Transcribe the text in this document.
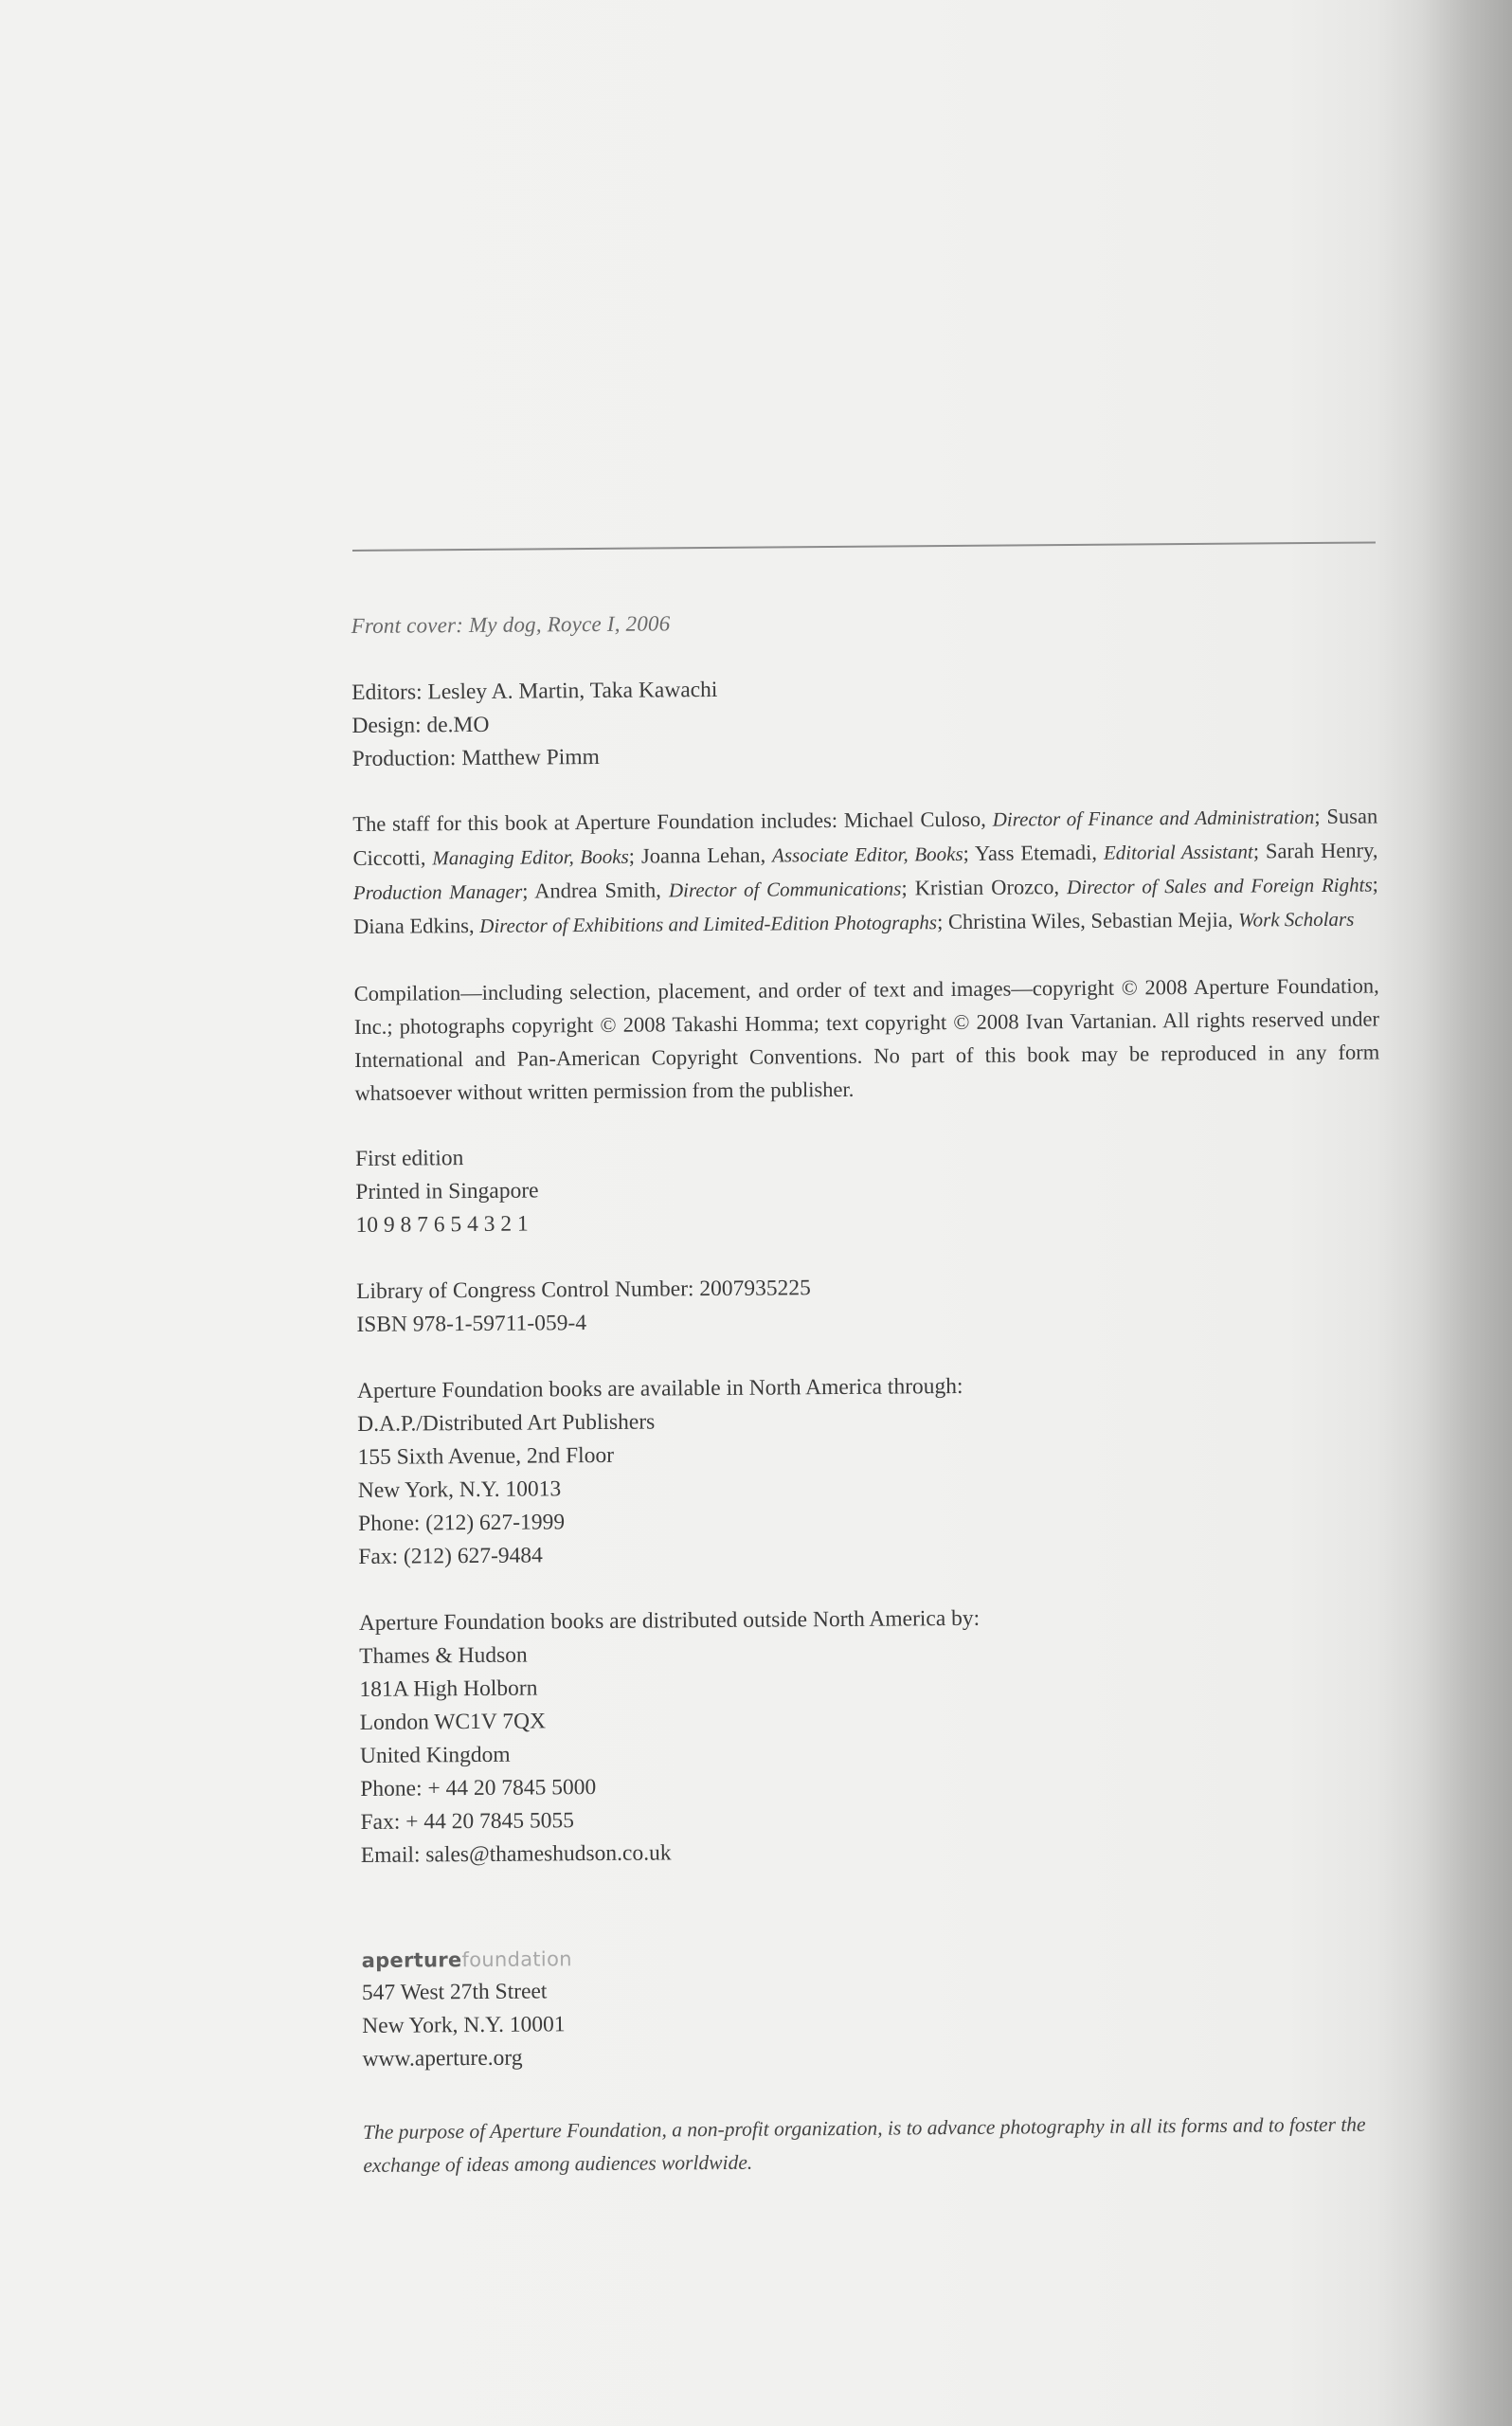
Front cover: My dog, Royce I, 2006
Editors: Lesley A. Martin, Taka Kawachi
Design: de.MO
Production: Matthew Pimm
The staff for this book at Aperture Foundation includes: Michael Culoso, Director of Finance and Administration; Susan Ciccotti, Managing Editor, Books; Joanna Lehan, Associate Editor, Books; Yass Etemadi, Editorial Assistant; Sarah Henry, Production Manager; Andrea Smith, Director of Communications; Kristian Orozco, Director of Sales and Foreign Rights; Diana Edkins, Director of Exhibitions and Limited-Edition Photographs; Christina Wiles, Sebastian Mejia, Work Scholars
Compilation—including selection, placement, and order of text and images—copyright © 2008 Aperture Foundation, Inc.; photographs copyright © 2008 Takashi Homma; text copyright © 2008 Ivan Vartanian. All rights reserved under International and Pan-American Copyright Conventions. No part of this book may be reproduced in any form whatsoever without written permission from the publisher.
First edition
Printed in Singapore
10 9 8 7 6 5 4 3 2 1
Library of Congress Control Number: 2007935225
ISBN 978-1-59711-059-4
Aperture Foundation books are available in North America through:
D.A.P./Distributed Art Publishers
155 Sixth Avenue, 2nd Floor
New York, N.Y. 10013
Phone: (212) 627-1999
Fax: (212) 627-9484
Aperture Foundation books are distributed outside North America by:
Thames & Hudson
181A High Holborn
London WC1V 7QX
United Kingdom
Phone: + 44 20 7845 5000
Fax: + 44 20 7845 5055
Email: sales@thameshudson.co.uk
aperturefoundation
547 West 27th Street
New York, N.Y. 10001
www.aperture.org
The purpose of Aperture Foundation, a non-profit organization, is to advance photography in all its forms and to foster the exchange of ideas among audiences worldwide.
